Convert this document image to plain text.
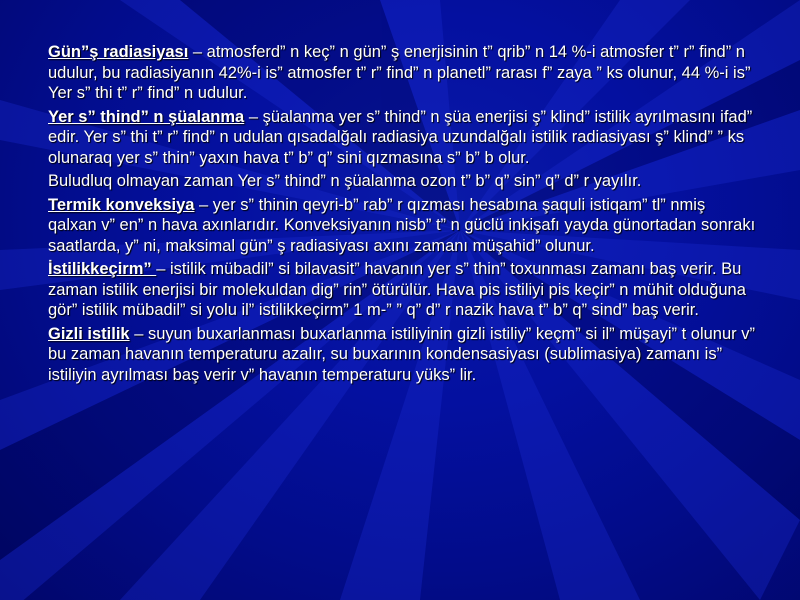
Gün”ş radiasiyası – atmosferd” n keç” n gün” ş enerjisinin t” qrib” n 14 %-i atmosfer t” r” find” n udulur, bu radiasiyanın 42%-i is” atmosfer t” r” find” n planetl” rarası f” zaya ” ks olunur, 44 %-i is” Yer s” thi t” r” find” n udulur.

Yer s” thind” n şüalanma – şüalanma yer s” thind” n şüa enerjisi ş” klind” istilik ayrılmasını ifad” edir. Yer s” thi t” r” find” n udulan qısadalğalı radiasiya uzundalğalı istilik radiasiyası ş” klind” ” ks olunaraq yer s” thin” yaxın hava t” b” q” sini qızmasına s” b” b olur.

Buludluq olmayan zaman Yer s” thind” n şüalanma ozon t” b” q” sin” q” d” r yayılır.

Termik konveksiya – yer s” thinin qeyri-b” rab” r qızması hesabına şaquli istiqam” tl” nmiş qalxan v” en” n hava axınlarıdır. Konveksiyanın nisb” t” n güclü inkişafı yayda günortadan sonrakı saatlarda, y” ni, maksimal gün” ş radiasiyası axını zamanı müşahid” olunur.

İstilikkeçirm” – istilik mübadil” si bilavasit” havanın yer s” thin” toxunması zamanı baş verir. Bu zaman istilik enerjisi bir molekuldan dig” rin” ötürülür. Hava pis istiliyi pis keçir” n mühit olduğuna gör” istilik mübadil” si yolu il” istilikkeçirm” 1 m-” ” q” d” r nazik hava t” b” q” sind” baş verir.

Gizli istilik – suyun buxarlanması buxarlanma istiliyinin gizli istiliy” keçm” si il” müşayi” t olunur v” bu zaman havanın temperaturu azalır, su buxarının kondensasiyası (sublimasiya) zamanı is” istiliyin ayrılması baş verir v” havanın temperaturu yüks” lir.
